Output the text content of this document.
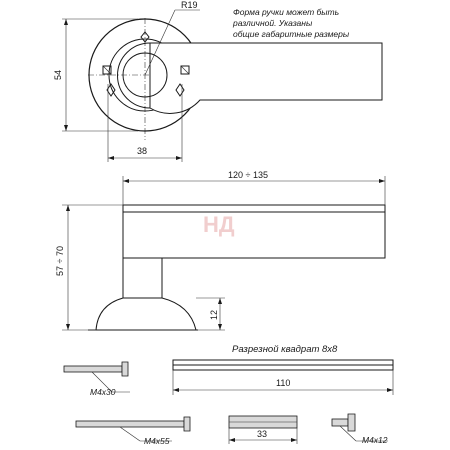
Форма ручки может быть
различной. Указаны
общие габаритные размеры
R19
54
38
120 ÷ 135
57 ÷ 70
12
Разрезной квадрат 8x8
110
M4x30
M4x55
33
M4x12
НД
